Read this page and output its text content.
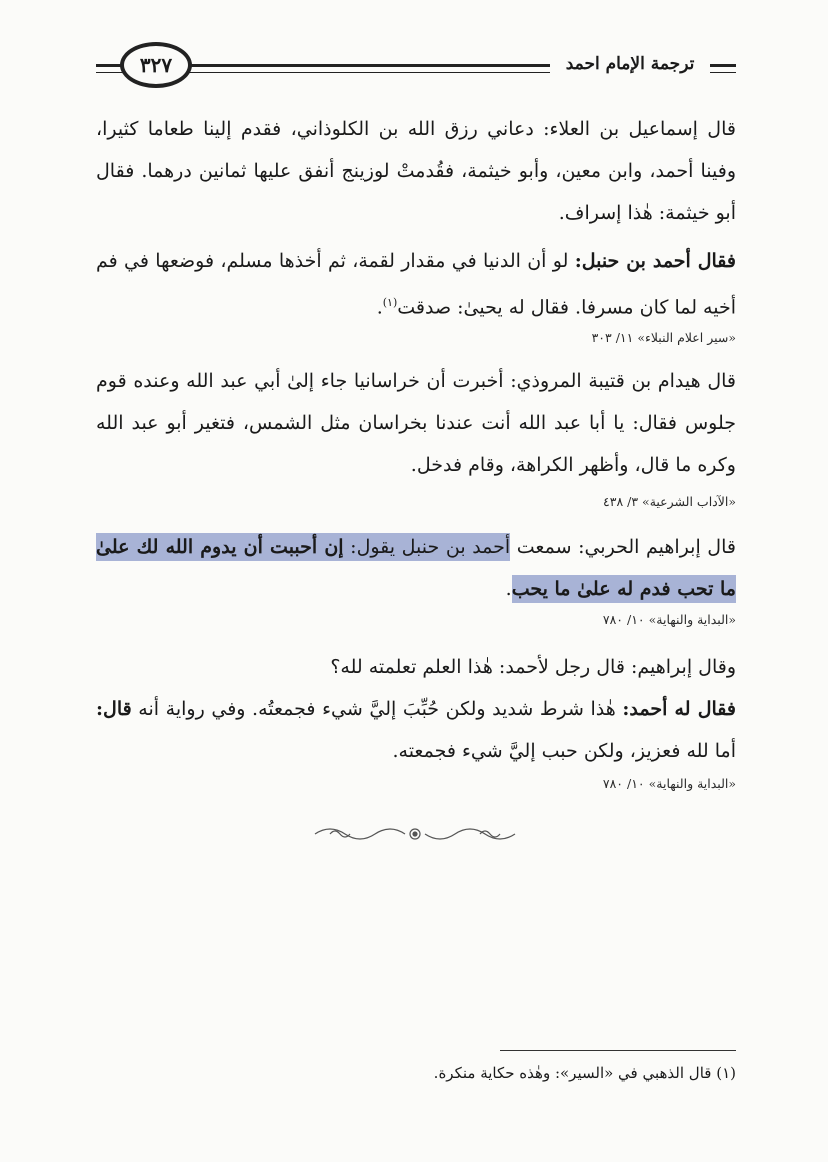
٣٢٧	ترجمة الإمام احمد
قال إسماعيل بن العلاء: دعاني رزق الله بن الكلوذاني، فقدم إلينا طعاما كثيرا، وفينا أحمد، وابن معين، وأبو خيثمة، فقُدمتْ لوزينج أنفق عليها ثمانين درهما. فقال أبو خيثمة: هٰذا إسراف.
فقال أحمد بن حنبل: لو أن الدنيا في مقدار لقمة، ثم أخذها مسلم، فوضعها في فم أخيه لما كان مسرفا. فقال له يحيىٰ: صدقت$^{(١)}$.
«سير اعلام النبلاء» ١١/ ٣٠٣
قال هيدام بن قتيبة المروذي: أخبرت أن خراسانيا جاء إلىٰ أبي عبد الله وعنده قوم جلوس فقال: يا أبا عبد الله أنت عندنا بخراسان مثل الشمس، فتغير أبو عبد الله وكره ما قال، وأظهر الكراهة، وقام فدخل.
«الآداب الشرعية» ٣/ ٤٣٨
قال إبراهيم الحربي: سمعت أحمد بن حنبل يقول: إن أحببت أن يدوم الله لك علىٰ ما تحب فدم له علىٰ ما يحب.
«البداية والنهاية» ١٠/ ٧٨٠
وقال إبراهيم: قال رجل لأحمد: هٰذا العلم تعلمته لله؟
فقال له أحمد: هٰذا شرط شديد ولكن حُبِّبَ إليَّ شيء فجمعتُه. وفي رواية أنه قال: أما لله فعزيز، ولكن حبب إليَّ شيء فجمعته.
«البداية والنهاية» ١٠/ ٧٨٠
(١) قال الذهبي في «السير»: وهٰذه حكاية منكرة.
